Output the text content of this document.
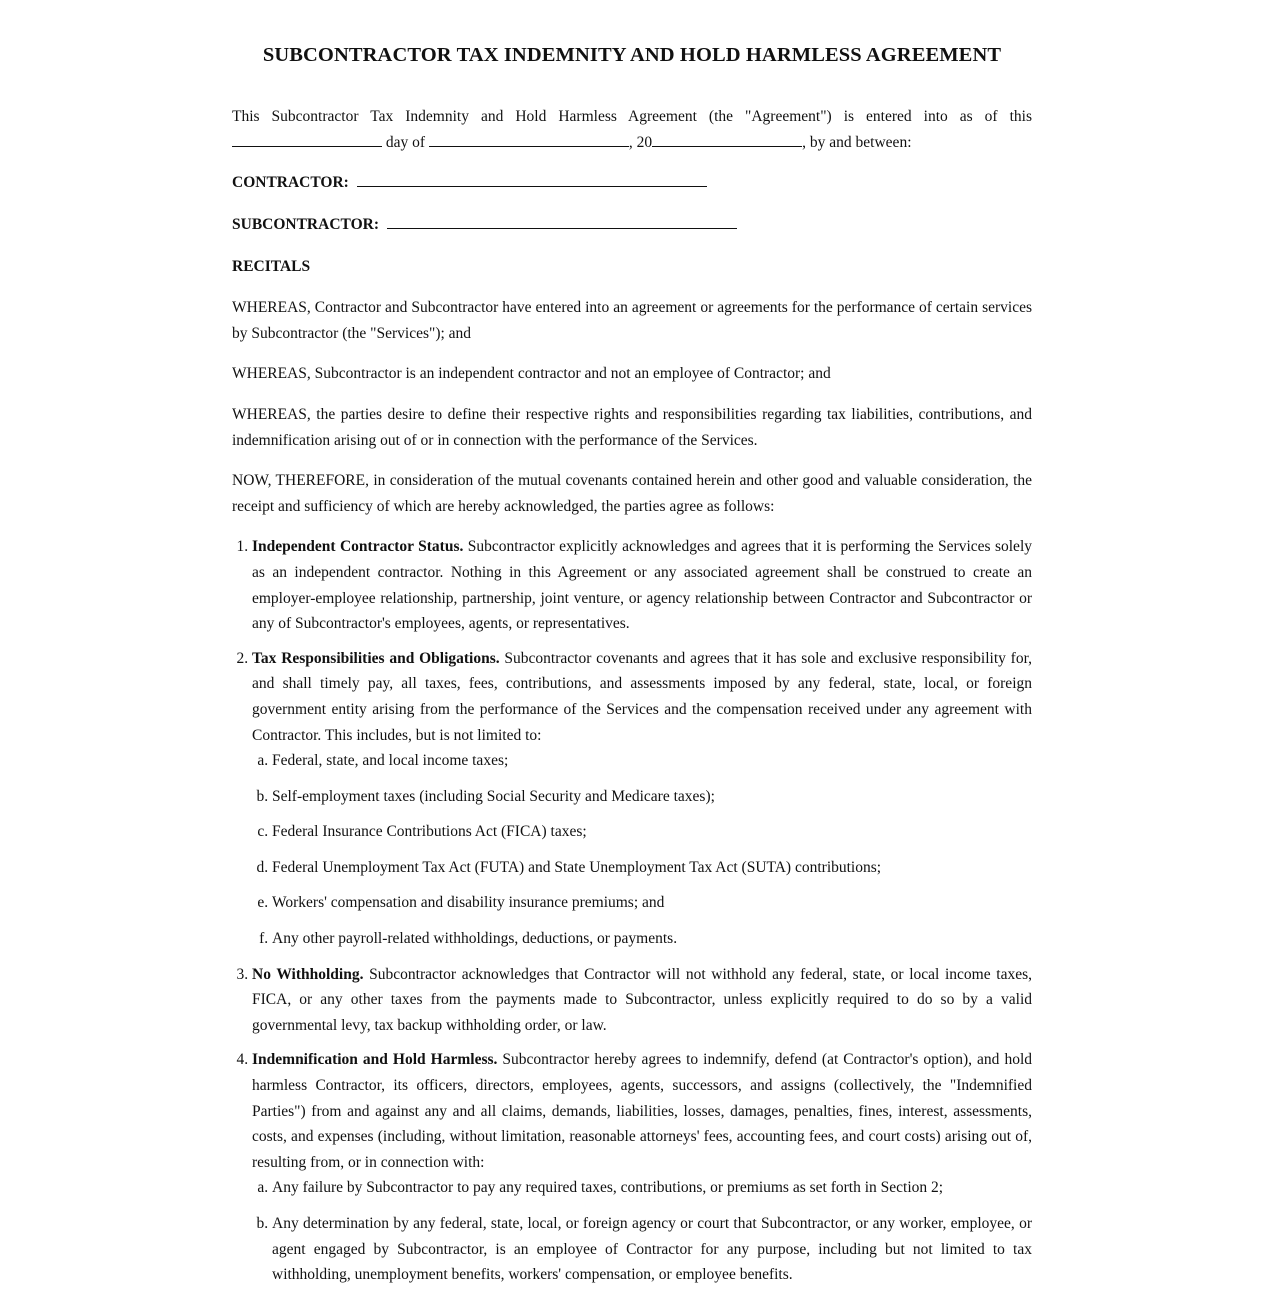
SUBCONTRACTOR TAX INDEMNITY AND HOLD HARMLESS AGREEMENT

This Subcontractor Tax Indemnity and Hold Harmless Agreement (the "Agreement") is entered into as of this  day of	, 20	, by and between:

CONTRACTOR:

SUBCONTRACTOR:

RECITALS

WHEREAS, Contractor and Subcontractor have entered into an agreement or agreements for the performance of certain services by Subcontractor (the "Services"); and

WHEREAS, Subcontractor is an independent contractor and not an employee of Contractor; and

WHEREAS, the parties desire to define their respective rights and responsibilities regarding tax liabilities, contributions, and indemnification arising out of or in connection with the performance of the Services.

NOW, THEREFORE, in consideration of the mutual covenants contained herein and other good and valuable consideration, the receipt and sufficiency of which are hereby acknowledged, the parties agree as follows:

1. Independent Contractor Status. Subcontractor explicitly acknowledges and agrees that it is performing the Services solely as an independent contractor. Nothing in this Agreement or any associated agreement shall be construed to create an employer-employee relationship, partnership, joint venture, or agency relationship between Contractor and Subcontractor or any of Subcontractor's employees, agents, or representatives.
2. Tax Responsibilities and Obligations. Subcontractor covenants and agrees that it has sole and exclusive responsibility for, and shall timely pay, all taxes, fees, contributions, and assessments imposed by any federal, state, local, or foreign government entity arising from the performance of the Services and the compensation received under any agreement with Contractor. This includes, but is not limited to:
a. Federal, state, and local income taxes;
b. Self-employment taxes (including Social Security and Medicare taxes);
c. Federal Insurance Contributions Act (FICA) taxes;
d. Federal Unemployment Tax Act (FUTA) and State Unemployment Tax Act (SUTA) contributions;
e. Workers' compensation and disability insurance premiums; and
f. Any other payroll-related withholdings, deductions, or payments.
3. No Withholding. Subcontractor acknowledges that Contractor will not withhold any federal, state, or local income taxes, FICA, or any other taxes from the payments made to Subcontractor, unless explicitly required to do so by a valid governmental levy, tax backup withholding order, or law.
4. Indemnification and Hold Harmless. Subcontractor hereby agrees to indemnify, defend (at Contractor's option), and hold harmless Contractor, its officers, directors, employees, agents, successors, and assigns (collectively, the "Indemnified Parties") from and against any and all claims, demands, liabilities, losses, damages, penalties, fines, interest, assessments, costs, and expenses (including, without limitation, reasonable attorneys' fees, accounting fees, and court costs) arising out of, resulting from, or in connection with:
a. Any failure by Subcontractor to pay any required taxes, contributions, or premiums as set forth in Section 2;
b. Any determination by any federal, state, local, or foreign agency or court that Subcontractor, or any worker, employee, or agent engaged by Subcontractor, is an employee of Contractor for any purpose, including but not limited to tax withholding, unemployment benefits, workers' compensation, or employee benefits.
